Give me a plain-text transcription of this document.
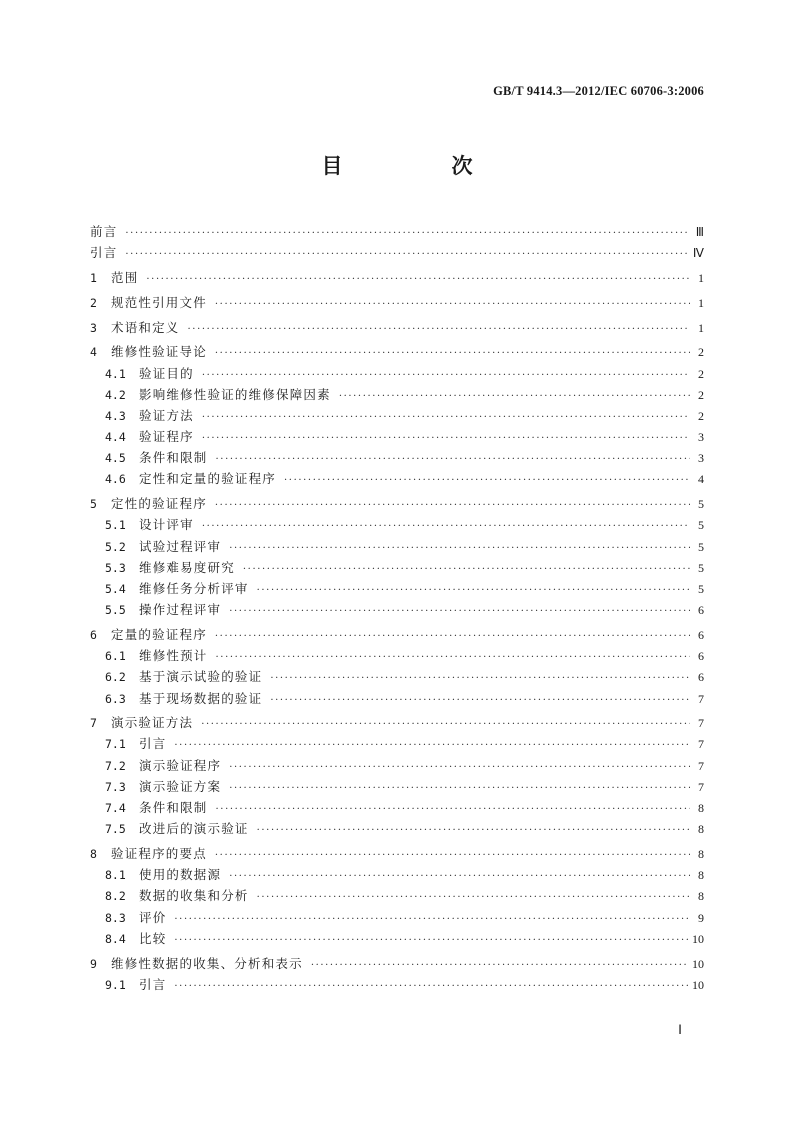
GB/T 9414.3—2012/IEC 60706-3:2006
目　次
前言 ·····	Ⅲ
引言 ·····	Ⅳ
1	范围 ·····	1
2	规范性引用文件 ·····	1
3	术语和定义 ·····	1
4	维修性验证导论 ·····	2
4.1	验证目的 ·····	2
4.2	影响维修性验证的维修保障因素 ·····	2
4.3	验证方法 ·····	2
4.4	验证程序 ·····	3
4.5	条件和限制 ·····	3
4.6	定性和定量的验证程序 ·····	4
5	定性的验证程序 ·····	5
5.1	设计评审 ·····	5
5.2	试验过程评审 ·····	5
5.3	维修难易度研究 ·····	5
5.4	维修任务分析评审 ·····	5
5.5	操作过程评审 ·····	6
6	定量的验证程序 ·····	6
6.1	维修性预计 ·····	6
6.2	基于演示试验的验证 ·····	6
6.3	基于现场数据的验证 ·····	7
7	演示验证方法 ·····	7
7.1	引言 ·····	7
7.2	演示验证程序 ·····	7
7.3	演示验证方案 ·····	7
7.4	条件和限制 ·····	8
7.5	改进后的演示验证 ·····	8
8	验证程序的要点 ·····	8
8.1	使用的数据源 ·····	8
8.2	数据的收集和分析 ·····	8
8.3	评价 ·····	9
8.4	比较 ·····	10
9	维修性数据的收集、分析和表示 ·····	10
9.1	引言 ·····	10
Ⅰ
